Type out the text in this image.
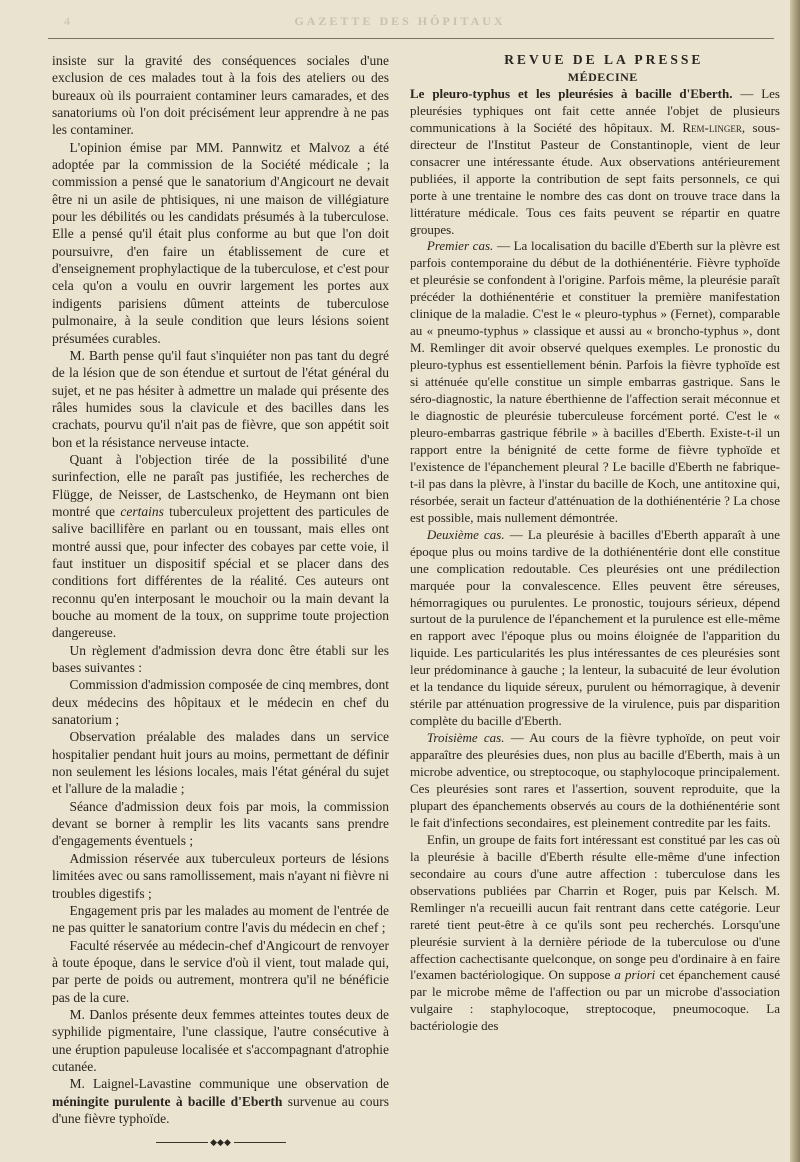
4	GAZETTE DES HÔPITAUX

insiste sur la gravité des conséquences sociales d'une exclusion de ces malades tout à la fois des ateliers ou des bureaux où ils pourraient contaminer leurs camarades, et des sanatoriums où l'on doit précisément leur apprendre à ne pas les contaminer.

L'opinion émise par MM. Pannwitz et Malvoz a été adoptée par la commission de la Société médicale ; la commission a pensé que le sanatorium d'Angicourt ne devait être ni un asile de phtisiques, ni une maison de villégiature pour les débilités ou les candidats présumés à la tuberculose. Elle a pensé qu'il était plus conforme au but que l'on doit poursuivre, d'en faire un établissement de cure et d'enseignement prophylactique de la tuberculose, et c'est pour cela qu'on a voulu en ouvrir largement les portes aux indigents parisiens dûment atteints de tuberculose pulmonaire, à la seule condition que leurs lésions soient présumées curables.

M. Barth pense qu'il faut s'inquiéter non pas tant du degré de la lésion que de son étendue et surtout de l'état général du sujet, et ne pas hésiter à admettre un malade qui présente des râles humides sous la clavicule et des bacilles dans les crachats, pourvu qu'il n'ait pas de fièvre, que son appétit soit bon et la résistance nerveuse intacte.

Quant à l'objection tirée de la possibilité d'une surinfection, elle ne paraît pas justifiée, les recherches de Flügge, de Neisser, de Lastschenko, de Heymann ont bien montré que certains tuberculeux projettent des particules de salive bacillifère en parlant ou en toussant, mais elles ont montré aussi que, pour infecter des cobayes par cette voie, il faut instituer un dispositif spécial et se placer dans des conditions fort différentes de la réalité. Ces auteurs ont reconnu qu'en interposant le mouchoir ou la main devant la bouche au moment de la toux, on supprime toute projection dangereuse.

Un règlement d'admission devra donc être établi sur les bases suivantes :

Commission d'admission composée de cinq membres, dont deux médecins des hôpitaux et le médecin en chef du sanatorium ;

Observation préalable des malades dans un service hospitalier pendant huit jours au moins, permettant de définir non seulement les lésions locales, mais l'état général du sujet et l'allure de la maladie ;

Séance d'admission deux fois par mois, la commission devant se borner à remplir les lits vacants sans prendre d'engagements éventuels ;

Admission réservée aux tuberculeux porteurs de lésions limitées avec ou sans ramollissement, mais n'ayant ni fièvre ni troubles digestifs ;

Engagement pris par les malades au moment de l'entrée de ne pas quitter le sanatorium contre l'avis du médecin en chef ;

Faculté réservée au médecin-chef d'Angicourt de renvoyer à toute époque, dans le service d'où il vient, tout malade qui, par perte de poids ou autrement, montrera qu'il ne bénéficie pas de la cure.

M. Danlos présente deux femmes atteintes toutes deux de syphilide pigmentaire, l'une classique, l'autre consécutive à une éruption papuleuse localisée et s'accompagnant d'atrophie cutanée.

M. Laignel-Lavastine communique une observation de méningite purulente à bacille d'Eberth survenue au cours d'une fièvre typhoïde.

◆◆◆

REVUE DE LA PRESSE

MÉDECINE

Le pleuro-typhus et les pleurésies à bacille d'Eberth. — Les pleurésies typhiques ont fait cette année l'objet de plusieurs communications à la Société des hôpitaux. M. Rem-linger, sous-directeur de l'Institut Pasteur de Constantinople, vient de leur consacrer une intéressante étude. Aux observations antérieurement publiées, il apporte la contribution de sept faits personnels, ce qui porte à une trentaine le nombre des cas dont on trouve trace dans la littérature médicale. Tous ces faits peuvent se répartir en quatre groupes.

Premier cas. — La localisation du bacille d'Eberth sur la plèvre est parfois contemporaine du début de la dothiénentérie. Fièvre typhoïde et pleurésie se confondent à l'origine. Parfois même, la pleurésie paraît précéder la dothiénentérie et constituer la première manifestation clinique de la maladie. C'est le « pleuro-typhus » (Fernet), comparable au « pneumo-typhus » classique et aussi au « broncho-typhus », dont M. Remlinger dit avoir observé quelques exemples. Le pronostic du pleuro-typhus est essentiellement bénin. Parfois la fièvre typhoïde est si atténuée qu'elle constitue un simple embarras gastrique. Sans le séro-diagnostic, la nature éberthienne de l'affection serait méconnue et le diagnostic de pleurésie tuberculeuse forcément porté. C'est le « pleuro-embarras gastrique fébrile » à bacilles d'Eberth. Existe-t-il un rapport entre la bénignité de cette forme de fièvre typhoïde et l'existence de l'épanchement pleural ? Le bacille d'Eberth ne fabrique-t-il pas dans la plèvre, à l'instar du bacille de Koch, une antitoxine qui, résorbée, serait un facteur d'atténuation de la dothiénentérie ? La chose est possible, mais nullement démontrée.

Deuxième cas. — La pleurésie à bacilles d'Eberth apparaît à une époque plus ou moins tardive de la dothiénentérie dont elle constitue une complication redoutable. Ces pleurésies ont une prédilection marquée pour la convalescence. Elles peuvent être séreuses, hémorragiques ou purulentes. Le pronostic, toujours sérieux, dépend surtout de la purulence de l'épanchement et la purulence est elle-même en rapport avec l'époque plus ou moins éloignée de l'apparition du liquide. Les particularités les plus intéressantes de ces pleurésies sont leur prédominance à gauche ; la lenteur, la subacuité de leur évolution et la tendance du liquide séreux, purulent ou hémorragique, à devenir stérile par atténuation progressive de la virulence, puis par disparition complète du bacille d'Eberth.

Troisième cas. — Au cours de la fièvre typhoïde, on peut voir apparaître des pleurésies dues, non plus au bacille d'Eberth, mais à un microbe adventice, ou streptocoque, ou staphylocoque principalement. Ces pleurésies sont rares et l'assertion, souvent reproduite, que la plupart des épanchements observés au cours de la dothiénentérie sont le fait d'infections secondaires, est pleinement contredite par les faits.

Enfin, un groupe de faits fort intéressant est constitué par les cas où la pleurésie à bacille d'Eberth résulte elle-même d'une infection secondaire au cours d'une autre affection : tuberculose dans les observations publiées par Charrin et Roger, puis par Kelsch. M. Remlinger n'a recueilli aucun fait rentrant dans cette catégorie. Leur rareté tient peut-être à ce qu'ils sont peu recherchés. Lorsqu'une pleurésie survient à la dernière période de la tuberculose ou d'une affection cachectisante quelconque, on songe peu d'ordinaire à en faire l'examen bactériologique. On suppose a priori cet épanchement causé par le microbe même de l'affection ou par un microbe d'association vulgaire : staphylocoque, streptocoque, pneumocoque. La bactériologie des
